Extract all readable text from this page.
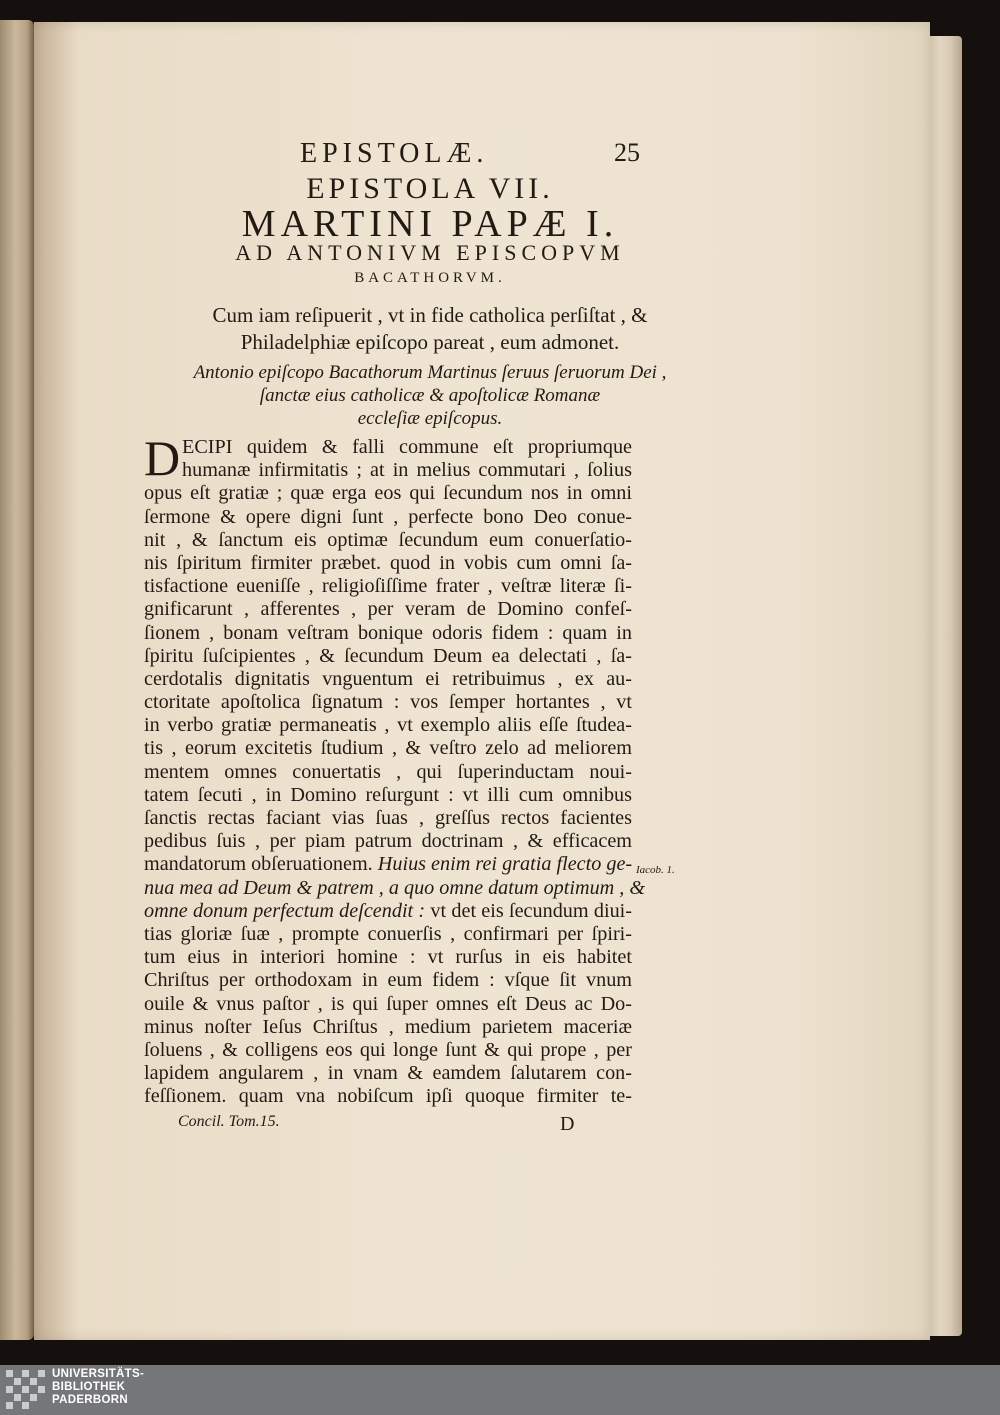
EPISTOLÆ.	25
EPISTOLA VII.
MARTINI PAPÆ I.
AD ANTONIVM EPISCOPVM
BACATHORVM.
Cum iam reſipuerit , vt in fide catholica perſiſtat , &
Philadelphiæ epiſcopo pareat , eum admonet.
Antonio epiſcopo Bacathorum Martinus ſeruus ſeruorum Dei ,
ſanctæ eius catholicæ & apoſtolicæ Romanæ
eccleſiæ epiſcopus.
D ECIPI quidem & falli commune eſt propriumque
humanæ infirmitatis ; at in melius commutari , ſolius
opus eſt gratiæ ; quæ erga eos qui ſecundum nos in omni
ſermone & opere digni ſunt , perfecte bono Deo conue-
nit , & ſanctum eis optimæ ſecundum eum conuerſatio-
nis ſpiritum firmiter præbet. quod in vobis cum omni ſa-
tisfactione eueniſſe , religioſiſſime frater , veſtræ literæ ſi-
gnificarunt , afferentes , per veram de Domino confeſ-
ſionem , bonam veſtram bonique odoris fidem : quam in
ſpiritu ſuſcipientes , & ſecundum Deum ea delectati , ſa-
cerdotalis dignitatis vnguentum ei retribuimus , ex au-
ctoritate apoſtolica ſignatum : vos ſemper hortantes , vt
in verbo gratiæ permaneatis , vt exemplo aliis eſſe ſtudea-
tis , eorum excitetis ſtudium , & veſtro zelo ad meliorem
mentem omnes conuertatis , qui ſuperinductam noui-
tatem ſecuti , in Domino reſurgunt : vt illi cum omnibus
ſanctis rectas faciant vias ſuas , greſſus rectos facientes
pedibus ſuis , per piam patrum doctrinam , & efficacem
mandatorum obſeruationem. Huius enim rei gratia flecto ge-
nua mea ad Deum & patrem , a quo omne datum optimum , &
omne donum perfectum deſcendit : vt det eis ſecundum diui-
tias gloriæ ſuæ , prompte conuerſis , confirmari per ſpiri-
tum eius in interiori homine : vt rurſus in eis habitet
Chriſtus per orthodoxam in eum fidem : vſque ſit vnum
ouile & vnus paſtor , is qui ſuper omnes eſt Deus ac Do-
minus noſter Ieſus Chriſtus , medium parietem maceriæ
ſoluens , & colligens eos qui longe ſunt & qui prope , per
lapidem angularem , in vnam & eamdem ſalutarem con-
feſſionem. quam vna nobiſcum ipſi quoque firmiter te-
Iacob. 1.
Concil. Tom.15.	D
UNIVERSITÄTS-
BIBLIOTHEK
PADERBORN
